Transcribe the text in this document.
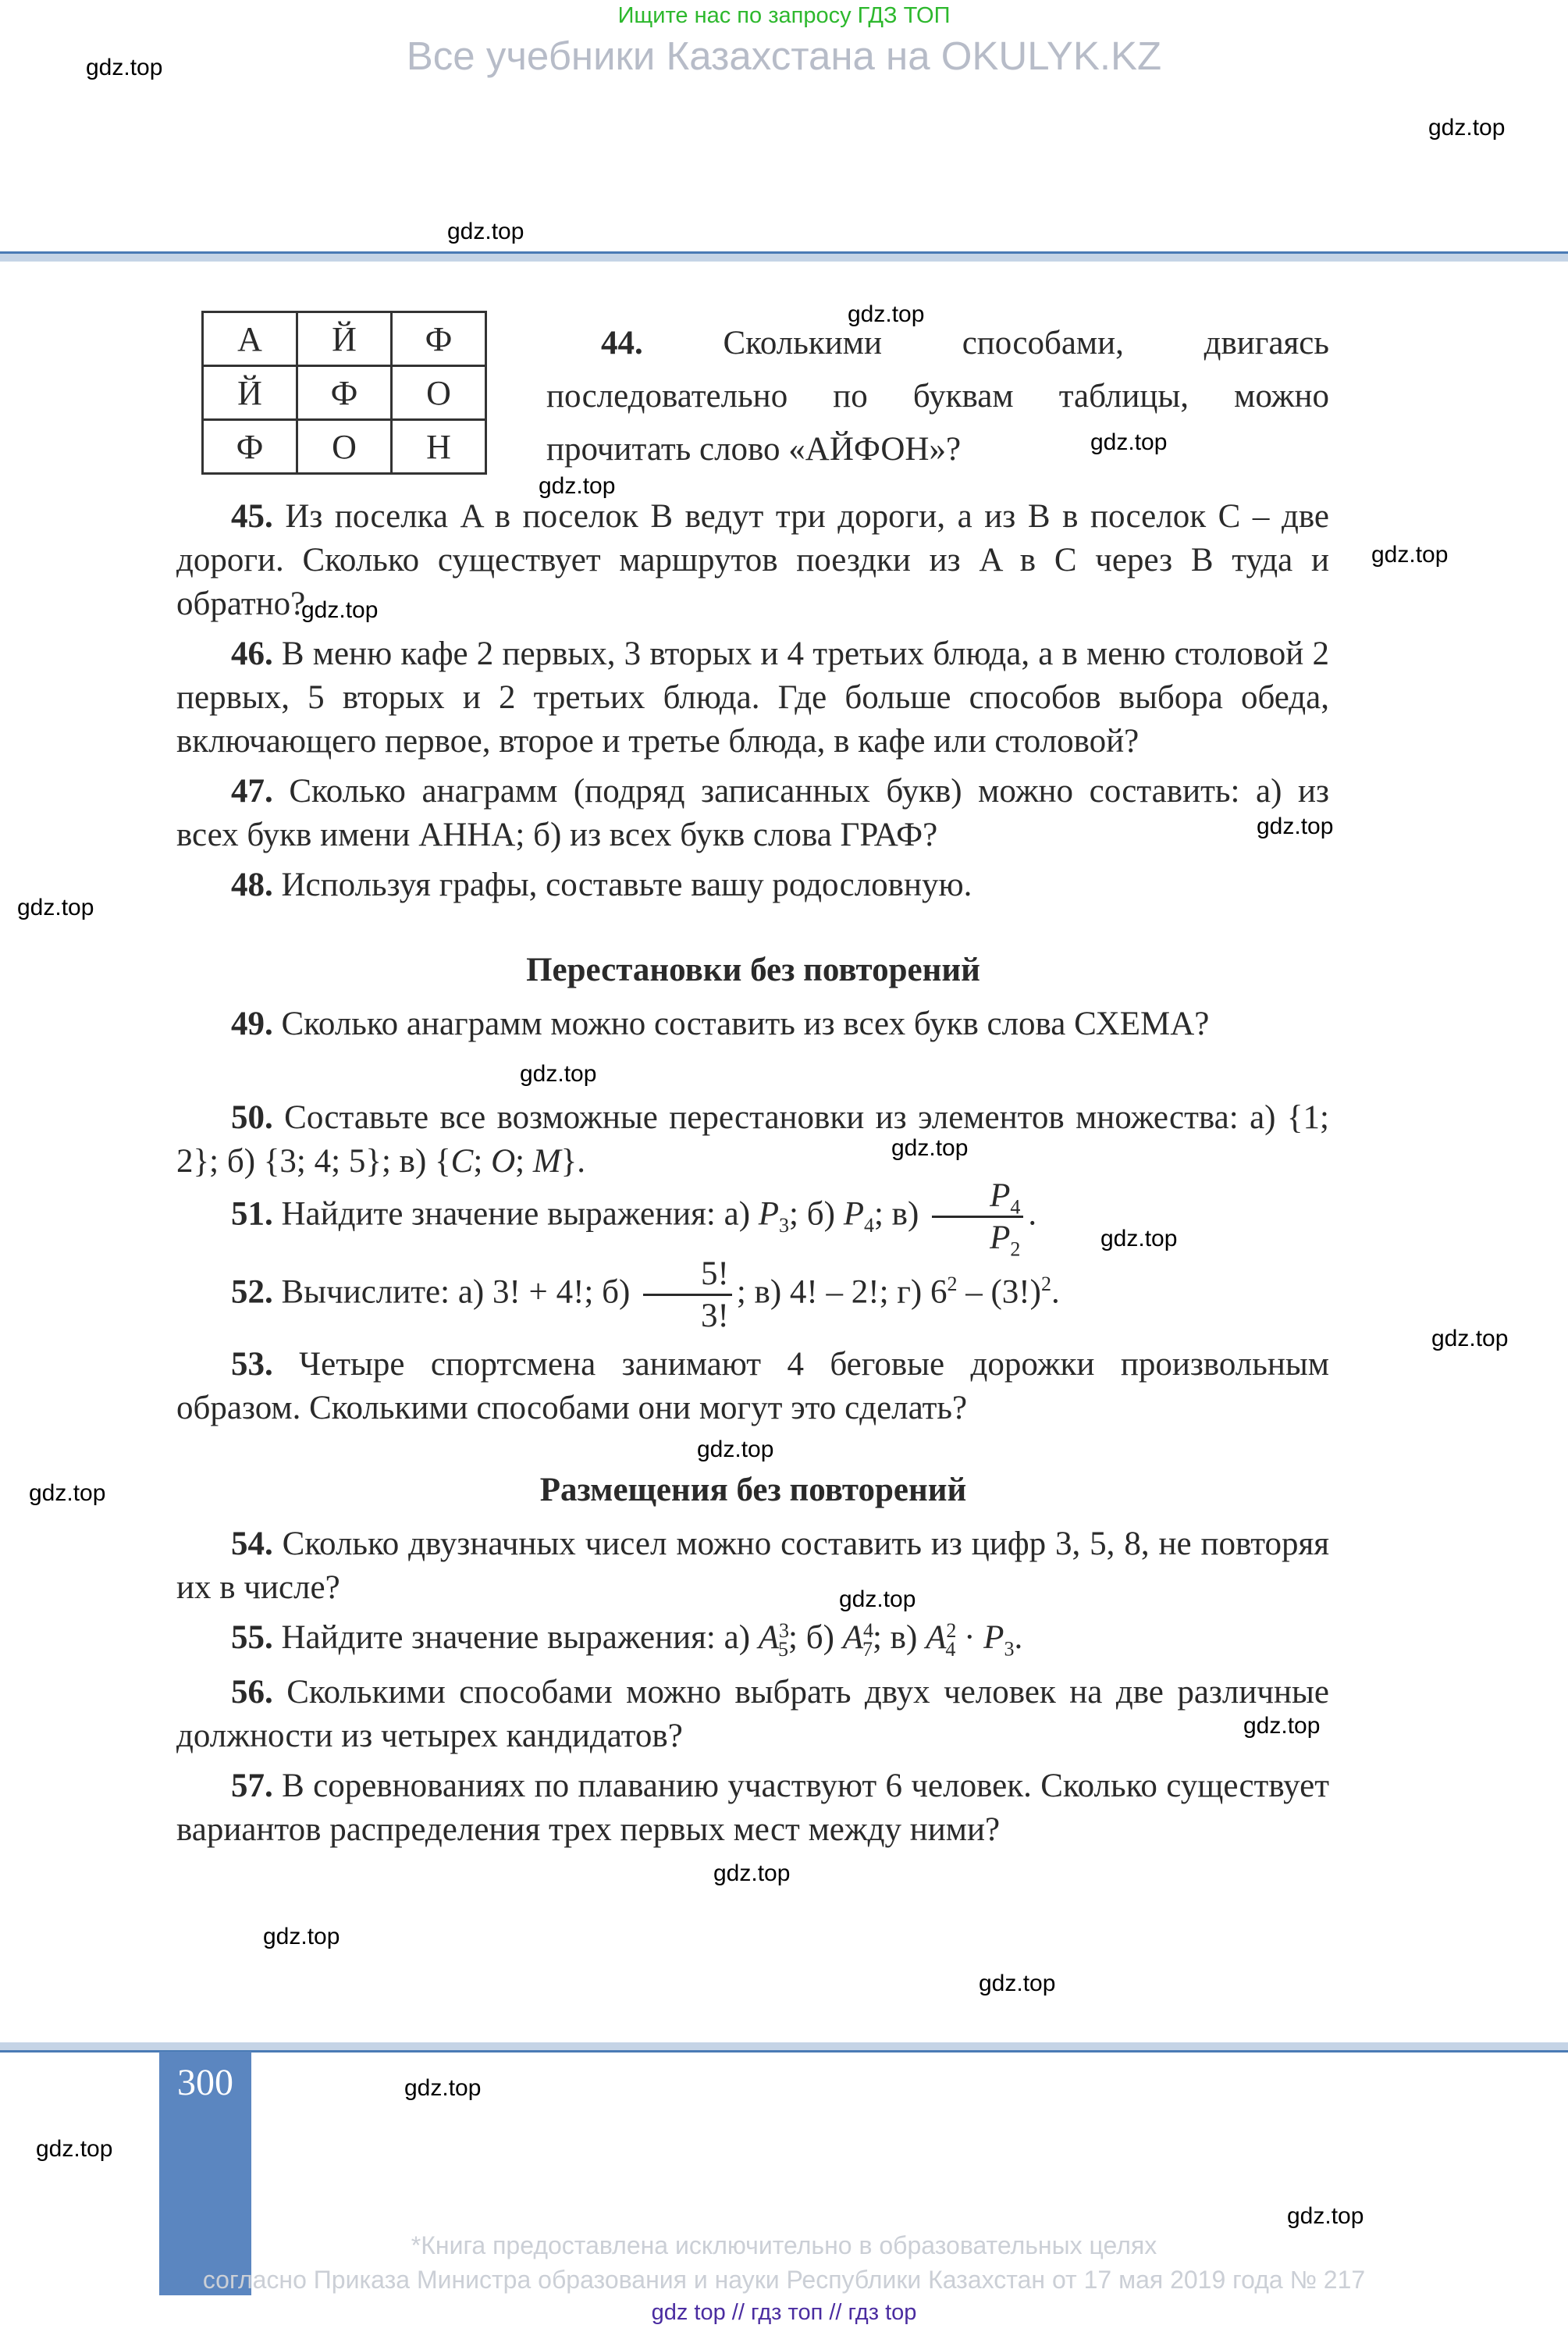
Ищите нас по запросу ГДЗ ТОП
Все учебники Казахстана на OKULYK.KZ
gdz.top
gdz.top
gdz.top
gdz.top
gdz.top
gdz.top
gdz.top
gdz.top
gdz.top
gdz.top
gdz.top
gdz.top
gdz.top
gdz.top
gdz.top
gdz.top
gdz.top
gdz.top
gdz.top
gdz.top
gdz.top
gdz.top
gdz.top
gdz.top
А	Й	Ф
Й	Ф	О
Ф	О	Н
44. Сколькими способами, двигаясь последовательно по буквам таблицы, можно прочитать слово «АЙФОН»?
45. Из поселка A в поселок B ведут три дороги, а из B в поселок C – две дороги. Сколько существует маршрутов поездки из A в C через B туда и обратно?
46. В меню кафе 2 первых, 3 вторых и 4 третьих блюда, а в меню столовой 2 первых, 5 вторых и 2 третьих блюда. Где больше способов выбора обеда, включающего первое, второе и третье блюда, в кафе или столовой?
47. Сколько анаграмм (подряд записанных букв) можно составить: а) из всех букв имени АННА; б) из всех букв слова ГРАФ?
48. Используя графы, составьте вашу родословную.
Перестановки без повторений
49. Сколько анаграмм можно составить из всех букв слова СХЕМА?
50. Составьте все возможные перестановки из элементов множества: а) {1; 2}; б) {3; 4; 5}; в) {C; O; M}.
51. Найдите значение выражения: а) $P_3$; б) $P_4$; $в) \frac{P_4}{P_2}$ .
52. Вычислите: а) 3! + 4!; $б) \frac{5!}{3!}$ ; в) 4! – 2!; г) $6^2 - (3!)^2$.
53. Четыре спортсмена занимают 4 беговые дорожки произвольным образом. Сколькими способами они могут это сделать?
Размещения без повторений
54. Сколько двузначных чисел можно составить из цифр 3, 5, 8, не повторяя их в числе?
55. Найдите значение выражения: а) $A^3_5$; б) $A^4_7$; в) $A^2_4 \cdot P_3$.
56. Сколькими способами можно выбрать двух человек на две различные должности из четырех кандидатов?
57. В соревнованиях по плаванию участвуют 6 человек. Сколько существует вариантов распределения трех первых мест между ними?
300
*Книга предоставлена исключительно в образовательных целях
согласно Приказа Министра образования и науки Республики Казахстан от 17 мая 2019 года № 217
gdz top // гдз топ // гдз top
